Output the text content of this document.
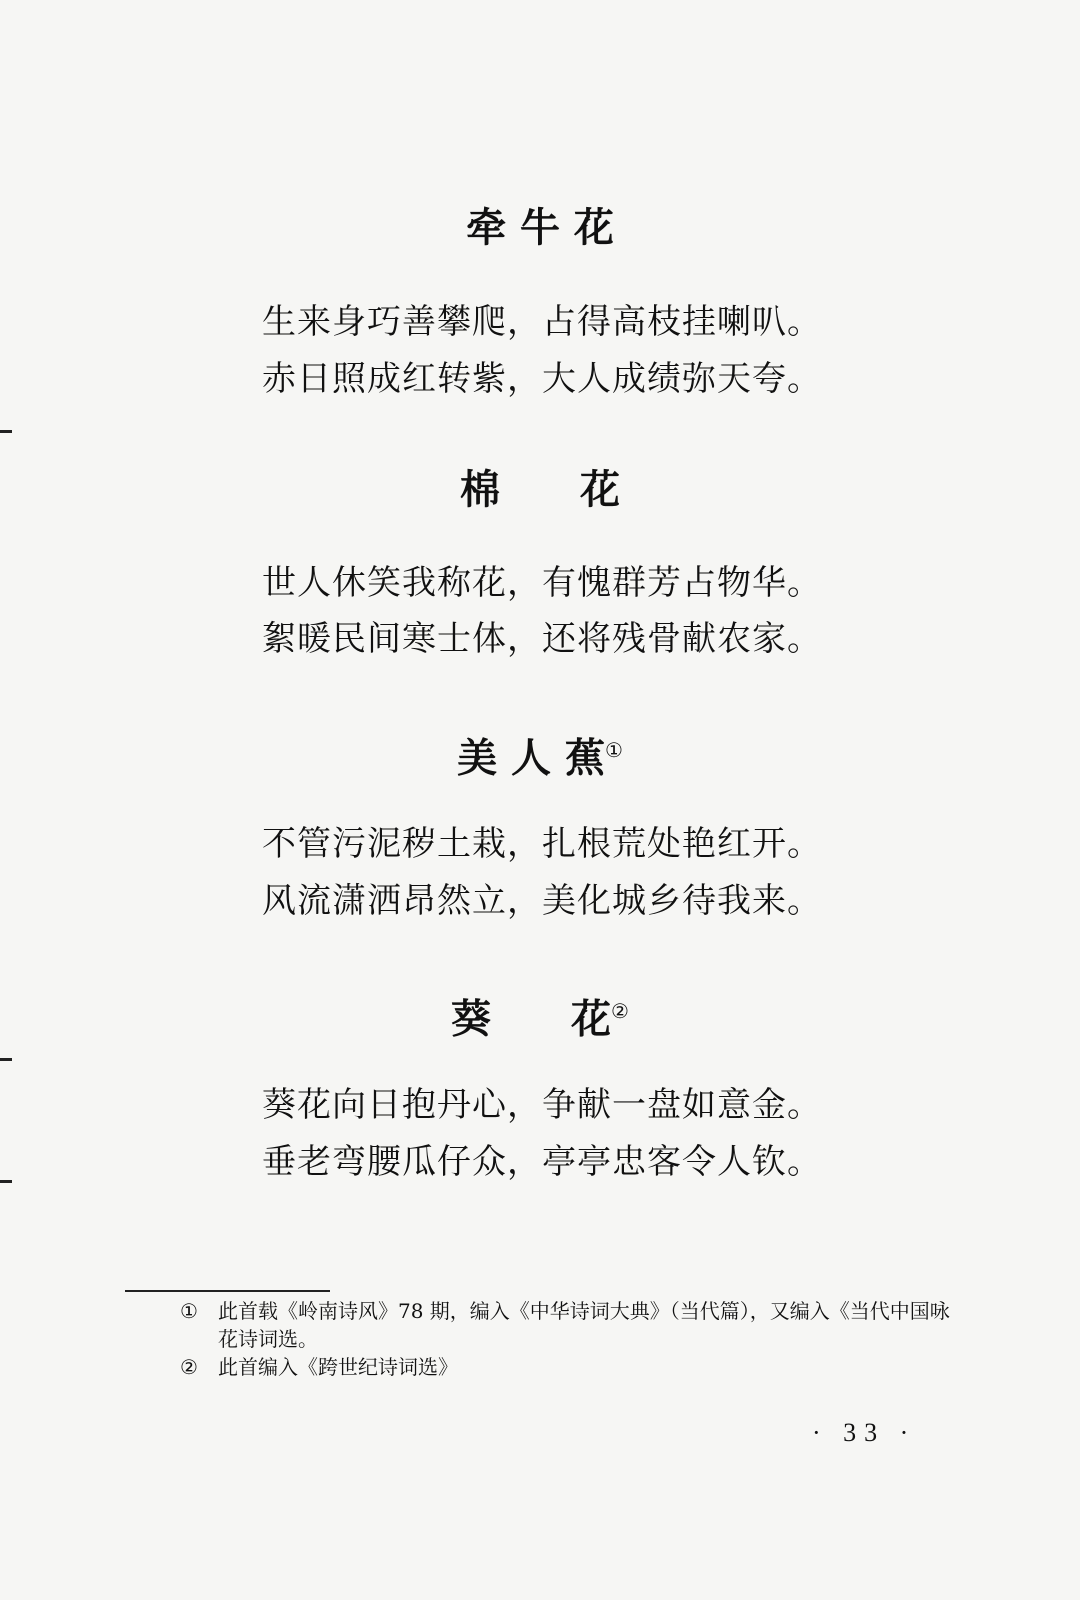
牵 牛 花
生来身巧善攀爬，占得高枝挂喇叭。
赤日照成红转紫，大人成绩弥天夸。
棉　　花
世人休笑我称花，有愧群芳占物华。
絮暖民间寒士体，还将残骨献农家。
美 人 蕉①
不管污泥秽土栽，扎根荒处艳红开。
风流潇洒昂然立，美化城乡待我来。
葵　　花②
葵花向日抱丹心，争献一盘如意金。
垂老弯腰瓜仔众，亭亭忠客令人钦。
① 此首载《岭南诗风》78 期，编入《中华诗词大典》（当代篇），又编入《当代中国咏花诗词选。
② 此首编入《跨世纪诗词选》
· 33 ·
